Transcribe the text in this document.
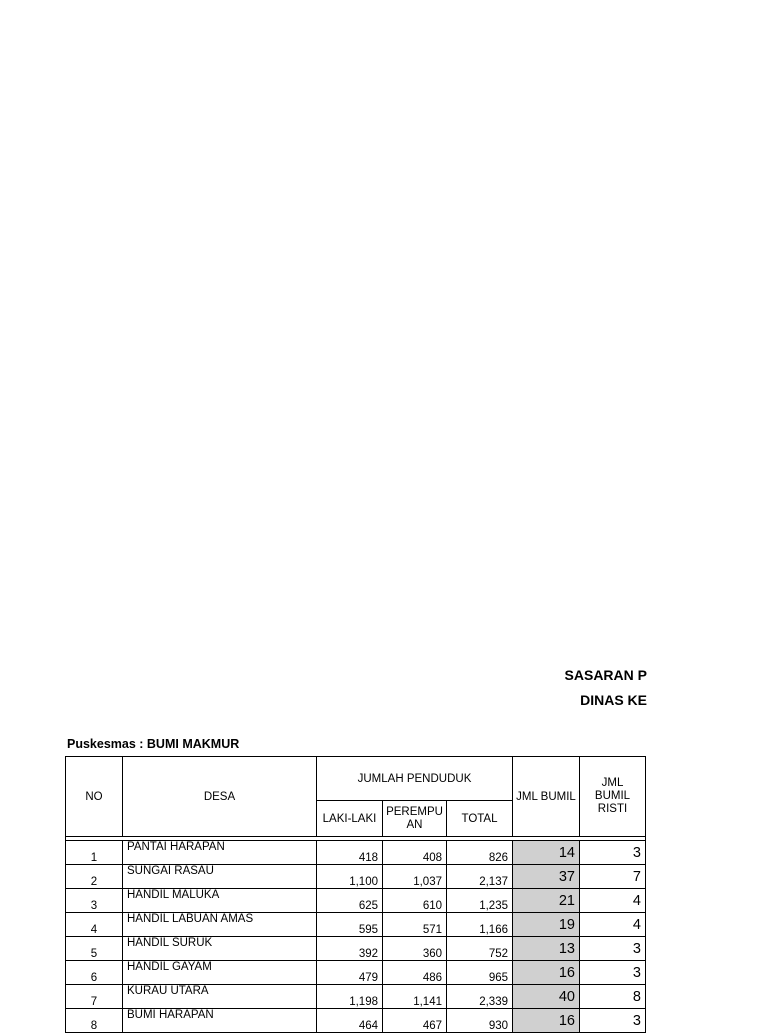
SASARAN P
DINAS KE
Puskesmas : BUMI MAKMUR
NO	DESA	JUMLAH PENDUDUK			JML BUMIL	JML BUMIL RISTI
		LAKI-LAKI	PEREMPU AN	TOTAL		

1	PANTAI HARAPAN	418	408	826	14	3
2	SUNGAI RASAU	1,100	1,037	2,137	37	7
3	HANDIL MALUKA	625	610	1,235	21	4
4	HANDIL LABUAN AMAS	595	571	1,166	19	4
5	HANDIL SURUK	392	360	752	13	3
6	HANDIL GAYAM	479	486	965	16	3
7	KURAU UTARA	1,198	1,141	2,339	40	8
8	BUMI HARAPAN	464	467	930	16	3
